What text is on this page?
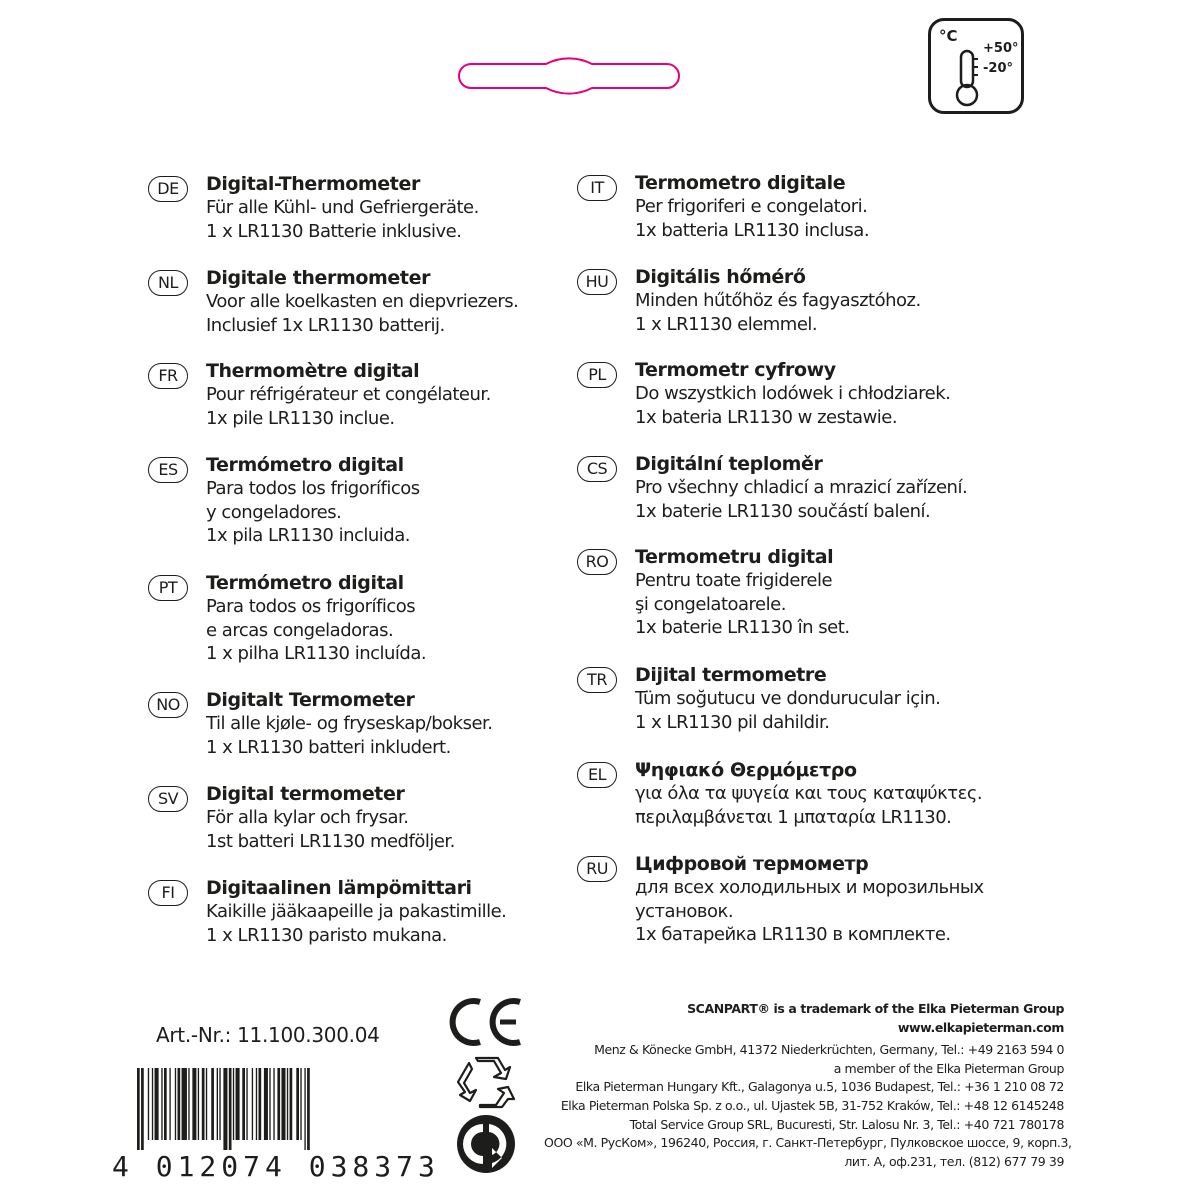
°C
+50°
-20°
DE	Digital-Thermometer
Für alle Kühl- und Gefriergeräte.
1 x LR1130 Batterie inklusive.
NL	Digitale thermometer
Voor alle koelkasten en diepvriezers.
Inclusief 1x LR1130 batterij.
FR	Thermomètre digital
Pour réfrigérateur et congélateur.
1x pile LR1130 inclue.
ES	Termómetro digital
Para todos los frigoríficos
y congeladores.
1x pila LR1130 incluida.
PT	Termómetro digital
Para todos os frigoríficos
e arcas congeladoras.
1 x pilha LR1130 incluída.
NO	Digitalt Termometer
Til alle kjøle- og fryseskap/bokser.
1 x LR1130 batteri inkludert.
SV	Digital termometer
För alla kylar och frysar.
1st batteri LR1130 medföljer.
FI	Digitaalinen lämpömittari
Kaikille jääkaapeille ja pakastimille.
1 x LR1130 paristo mukana.
IT	Termometro digitale
Per frigoriferi e congelatori.
1x batteria LR1130 inclusa.
HU	Digitális hőmérő
Minden hűtőhöz és fagyasztóhoz.
1 x LR1130 elemmel.
PL	Termometr cyfrowy
Do wszystkich lodówek i chłodziarek.
1x bateria LR1130 w zestawie.
CS	Digitální teploměr
Pro všechny chladicí a mrazicí zařízení.
1x baterie LR1130 součástí balení.
RO	Termometru digital
Pentru toate frigiderele
şi congelatoarele.
1x baterie LR1130 în set.
TR	Dijital termometre
Tüm soğutucu ve dondurucular için.
1 x LR1130 pil dahildir.
EL	Ψηφιακό Θερμόμετρο
για όλα τα ψυγεία και τους καταψύκτες.
περιλαμβάνεται 1 μπαταρία LR1130.
RU	Цифровой термометр
для всех холодильных и морозильных
установок.
1х батарейка LR1130 в комплекте.
Art.-Nr.: 11.100.300.04
4 012074 038373
SCANPART® is a trademark of the Elka Pieterman Group
www.elkapieterman.com
Menz & Könecke GmbH, 41372 Niederkrüchten, Germany, Tel.: +49 2163 594 0
a member of the Elka Pieterman Group
Elka Pieterman Hungary Kft., Galagonya u.5, 1036 Budapest, Tel.: +36 1 210 08 72
Elka Pieterman Polska Sp. z o.o., ul. Ujastek 5B, 31-752 Kraków, Tel.: +48 12 6145248
Total Service Group SRL, Bucuresti, Str. Lalosu Nr. 3, Tel.: +40 721 780178
ООО «М. РусКом», 196240, Россия, г. Санкт-Петербург, Пулковское шоссе, 9, корп.3,
лит. А, оф.231, тел. (812) 677 79 39
